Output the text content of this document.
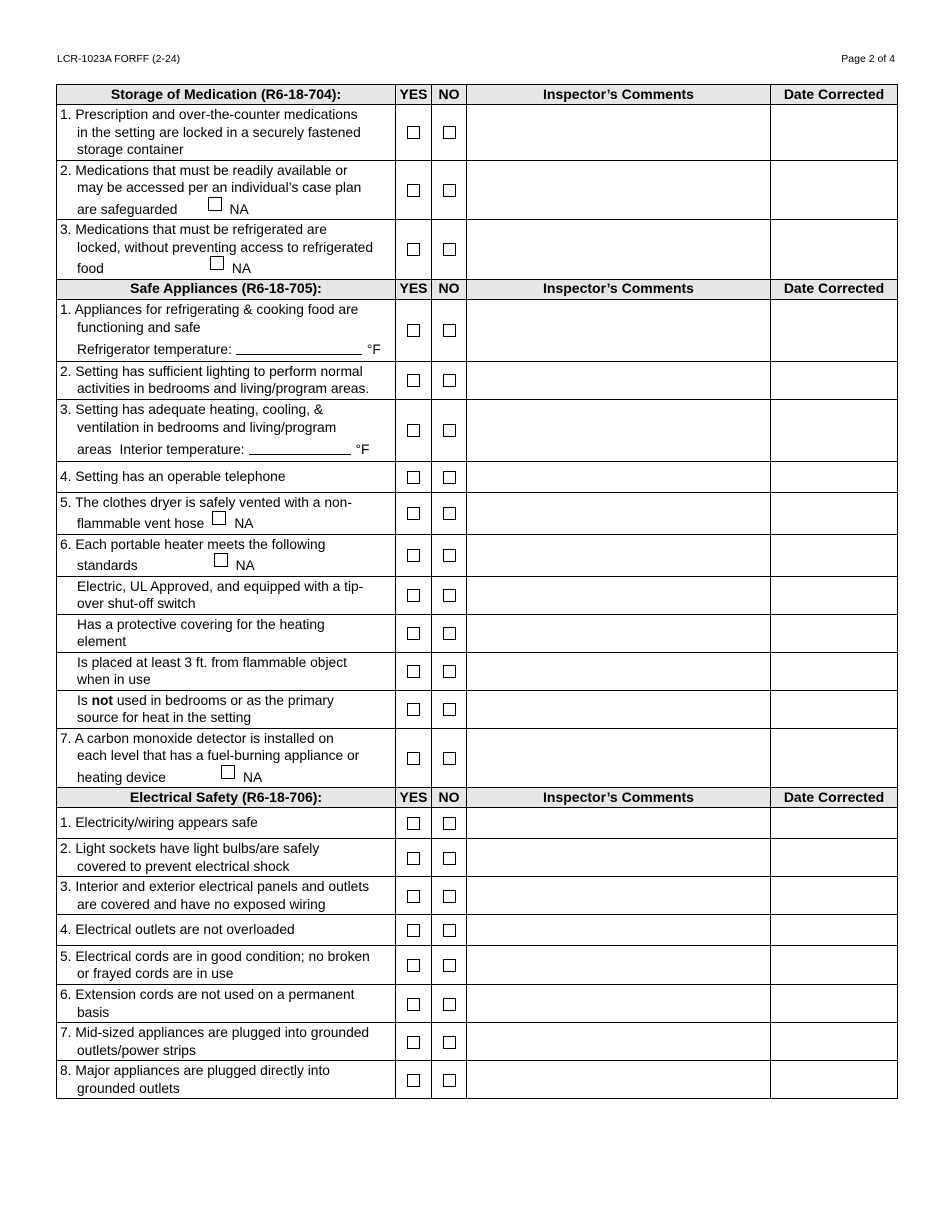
LCR-1023A FORFF (2-24)	Page 2 of 4
Storage of Medication (R6-18-704):	YES	NO	Inspector’s Comments	Date Corrected

1. Prescription and over-the-counter medications
in the setting are locked in a securely fastened
storage container				

2. Medications that must be readily available or
may be accessed per an individual’s case plan
are safeguarded NA				

3. Medications that must be refrigerated are
locked, without preventing access to refrigerated
food NA				

Safe Appliances (R6-18-705):	YES	NO	Inspector’s Comments	Date Corrected

1. Appliances for refrigerating & cooking food are
functioning and safe
Refrigerator temperature: °F				

2. Setting has sufficient lighting to perform normal
activities in bedrooms and living/program areas.				

3. Setting has adequate heating, cooling, &
ventilation in bedrooms and living/program
areas Interior temperature: °F				

4. Setting has an operable telephone				

5. The clothes dryer is safely vented with a non-
flammable vent hose NA				

6. Each portable heater meets the following
standards NA				

Electric, UL Approved, and equipped with a tip-
over shut-off switch				

Has a protective covering for the heating
element				

Is placed at least 3 ft. from flammable object
when in use				

Is not used in bedrooms or as the primary
source for heat in the setting				

7. A carbon monoxide detector is installed on
each level that has a fuel-burning appliance or
heating device NA				

Electrical Safety (R6-18-706):	YES	NO	Inspector’s Comments	Date Corrected

1. Electricity/wiring appears safe				

2. Light sockets have light bulbs/are safely
covered to prevent electrical shock				

3. Interior and exterior electrical panels and outlets
are covered and have no exposed wiring				

4. Electrical outlets are not overloaded				

5. Electrical cords are in good condition; no broken
or frayed cords are in use				

6. Extension cords are not used on a permanent
basis				

7. Mid-sized appliances are plugged into grounded
outlets/power strips				

8. Major appliances are plugged directly into
grounded outlets				
